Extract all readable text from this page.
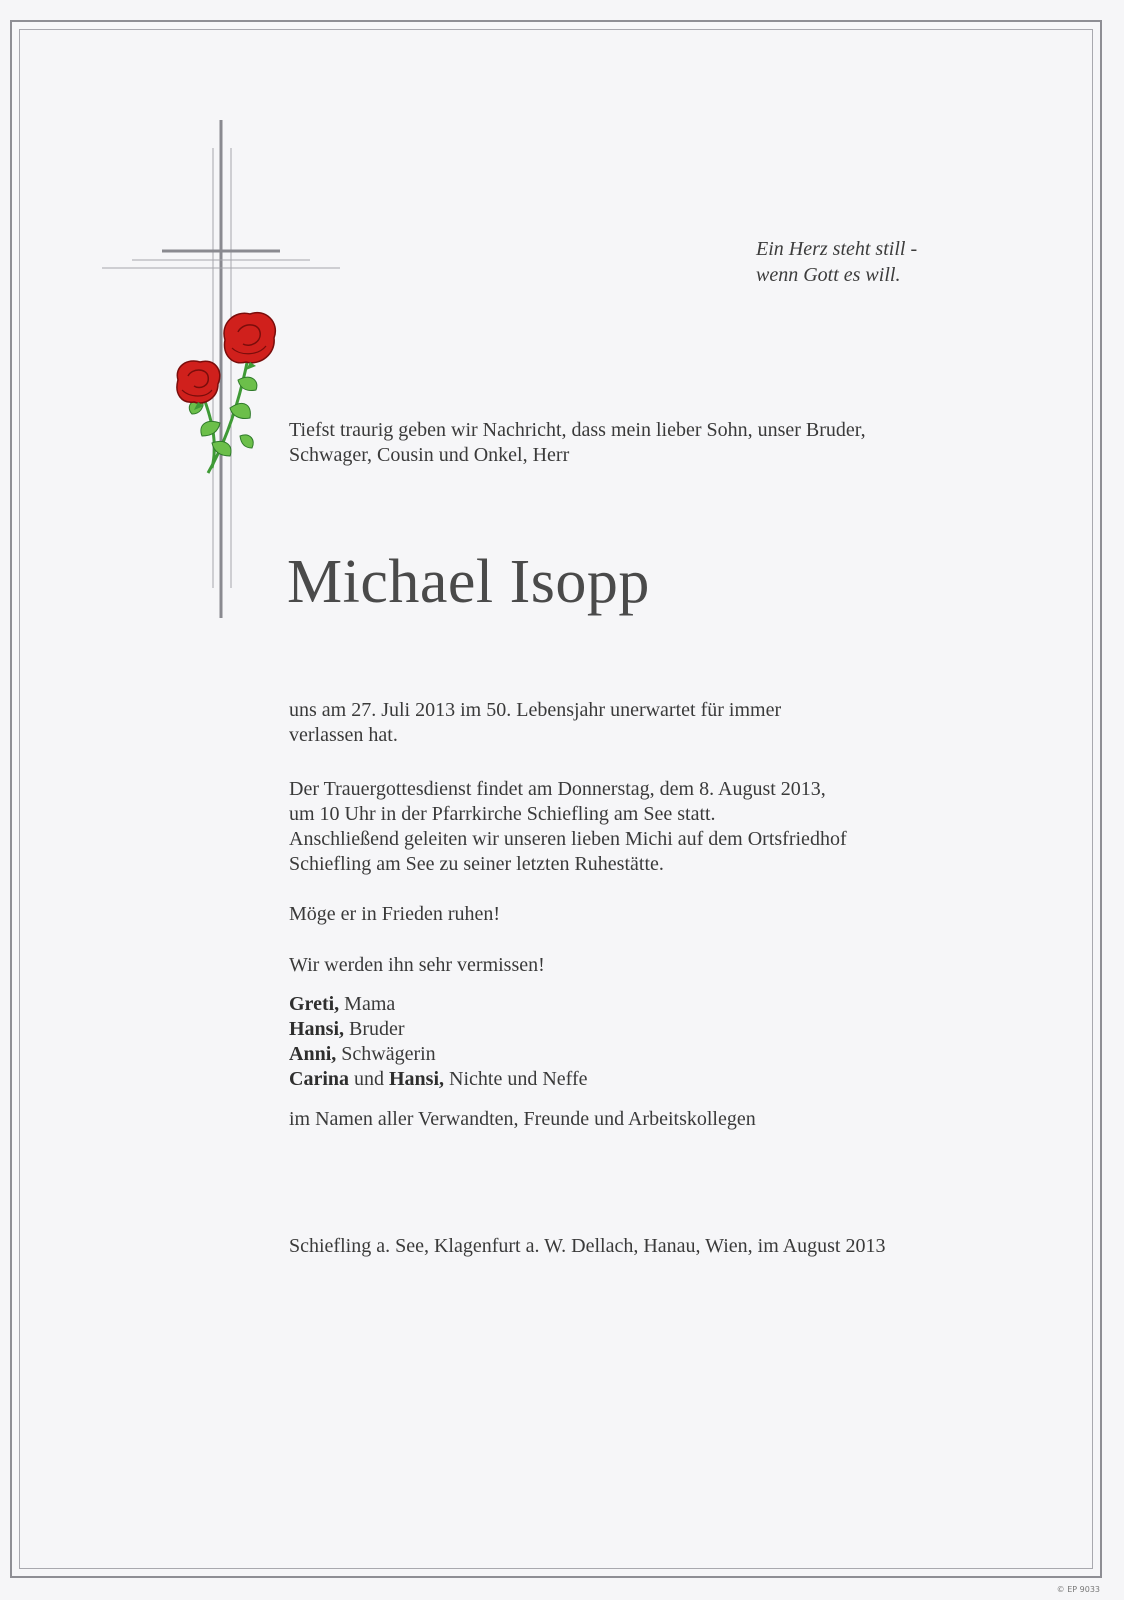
Ein Herz steht still -
wenn Gott es will.
Tiefst traurig geben wir Nachricht, dass mein lieber Sohn, unser Bruder,
Schwager, Cousin und Onkel, Herr
Michael Isopp
uns am 27. Juli 2013 im 50. Lebensjahr unerwartet für immer
verlassen hat.
Der Trauergottesdienst findet am Donnerstag, dem 8. August 2013,
um 10 Uhr in der Pfarrkirche Schiefling am See statt.
Anschließend geleiten wir unseren lieben Michi auf dem Ortsfriedhof
Schiefling am See zu seiner letzten Ruhestätte.
Möge er in Frieden ruhen!
Wir werden ihn sehr vermissen!
Greti, Mama
Hansi, Bruder
Anni, Schwägerin
Carina und Hansi, Nichte und Neffe
im Namen aller Verwandten, Freunde und Arbeitskollegen
Schiefling a. See, Klagenfurt a. W. Dellach, Hanau, Wien, im August 2013
© EP 9033
